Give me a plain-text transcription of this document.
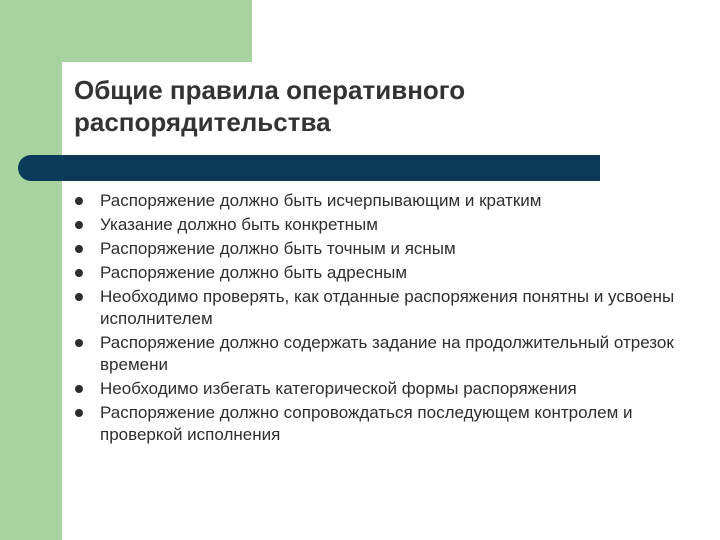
Общие правила оперативного распорядительства
Распоряжение должно быть исчерпывающим и кратким
Указание должно быть конкретным
Распоряжение должно быть точным и ясным
Распоряжение должно быть адресным
Необходимо проверять, как отданные распоряжения понятны и усвоены исполнителем
Распоряжение должно содержать задание на продолжительный отрезок времени
Необходимо избегать категорической формы распоряжения
Распоряжение должно сопровождаться последующем контролем и проверкой исполнения
